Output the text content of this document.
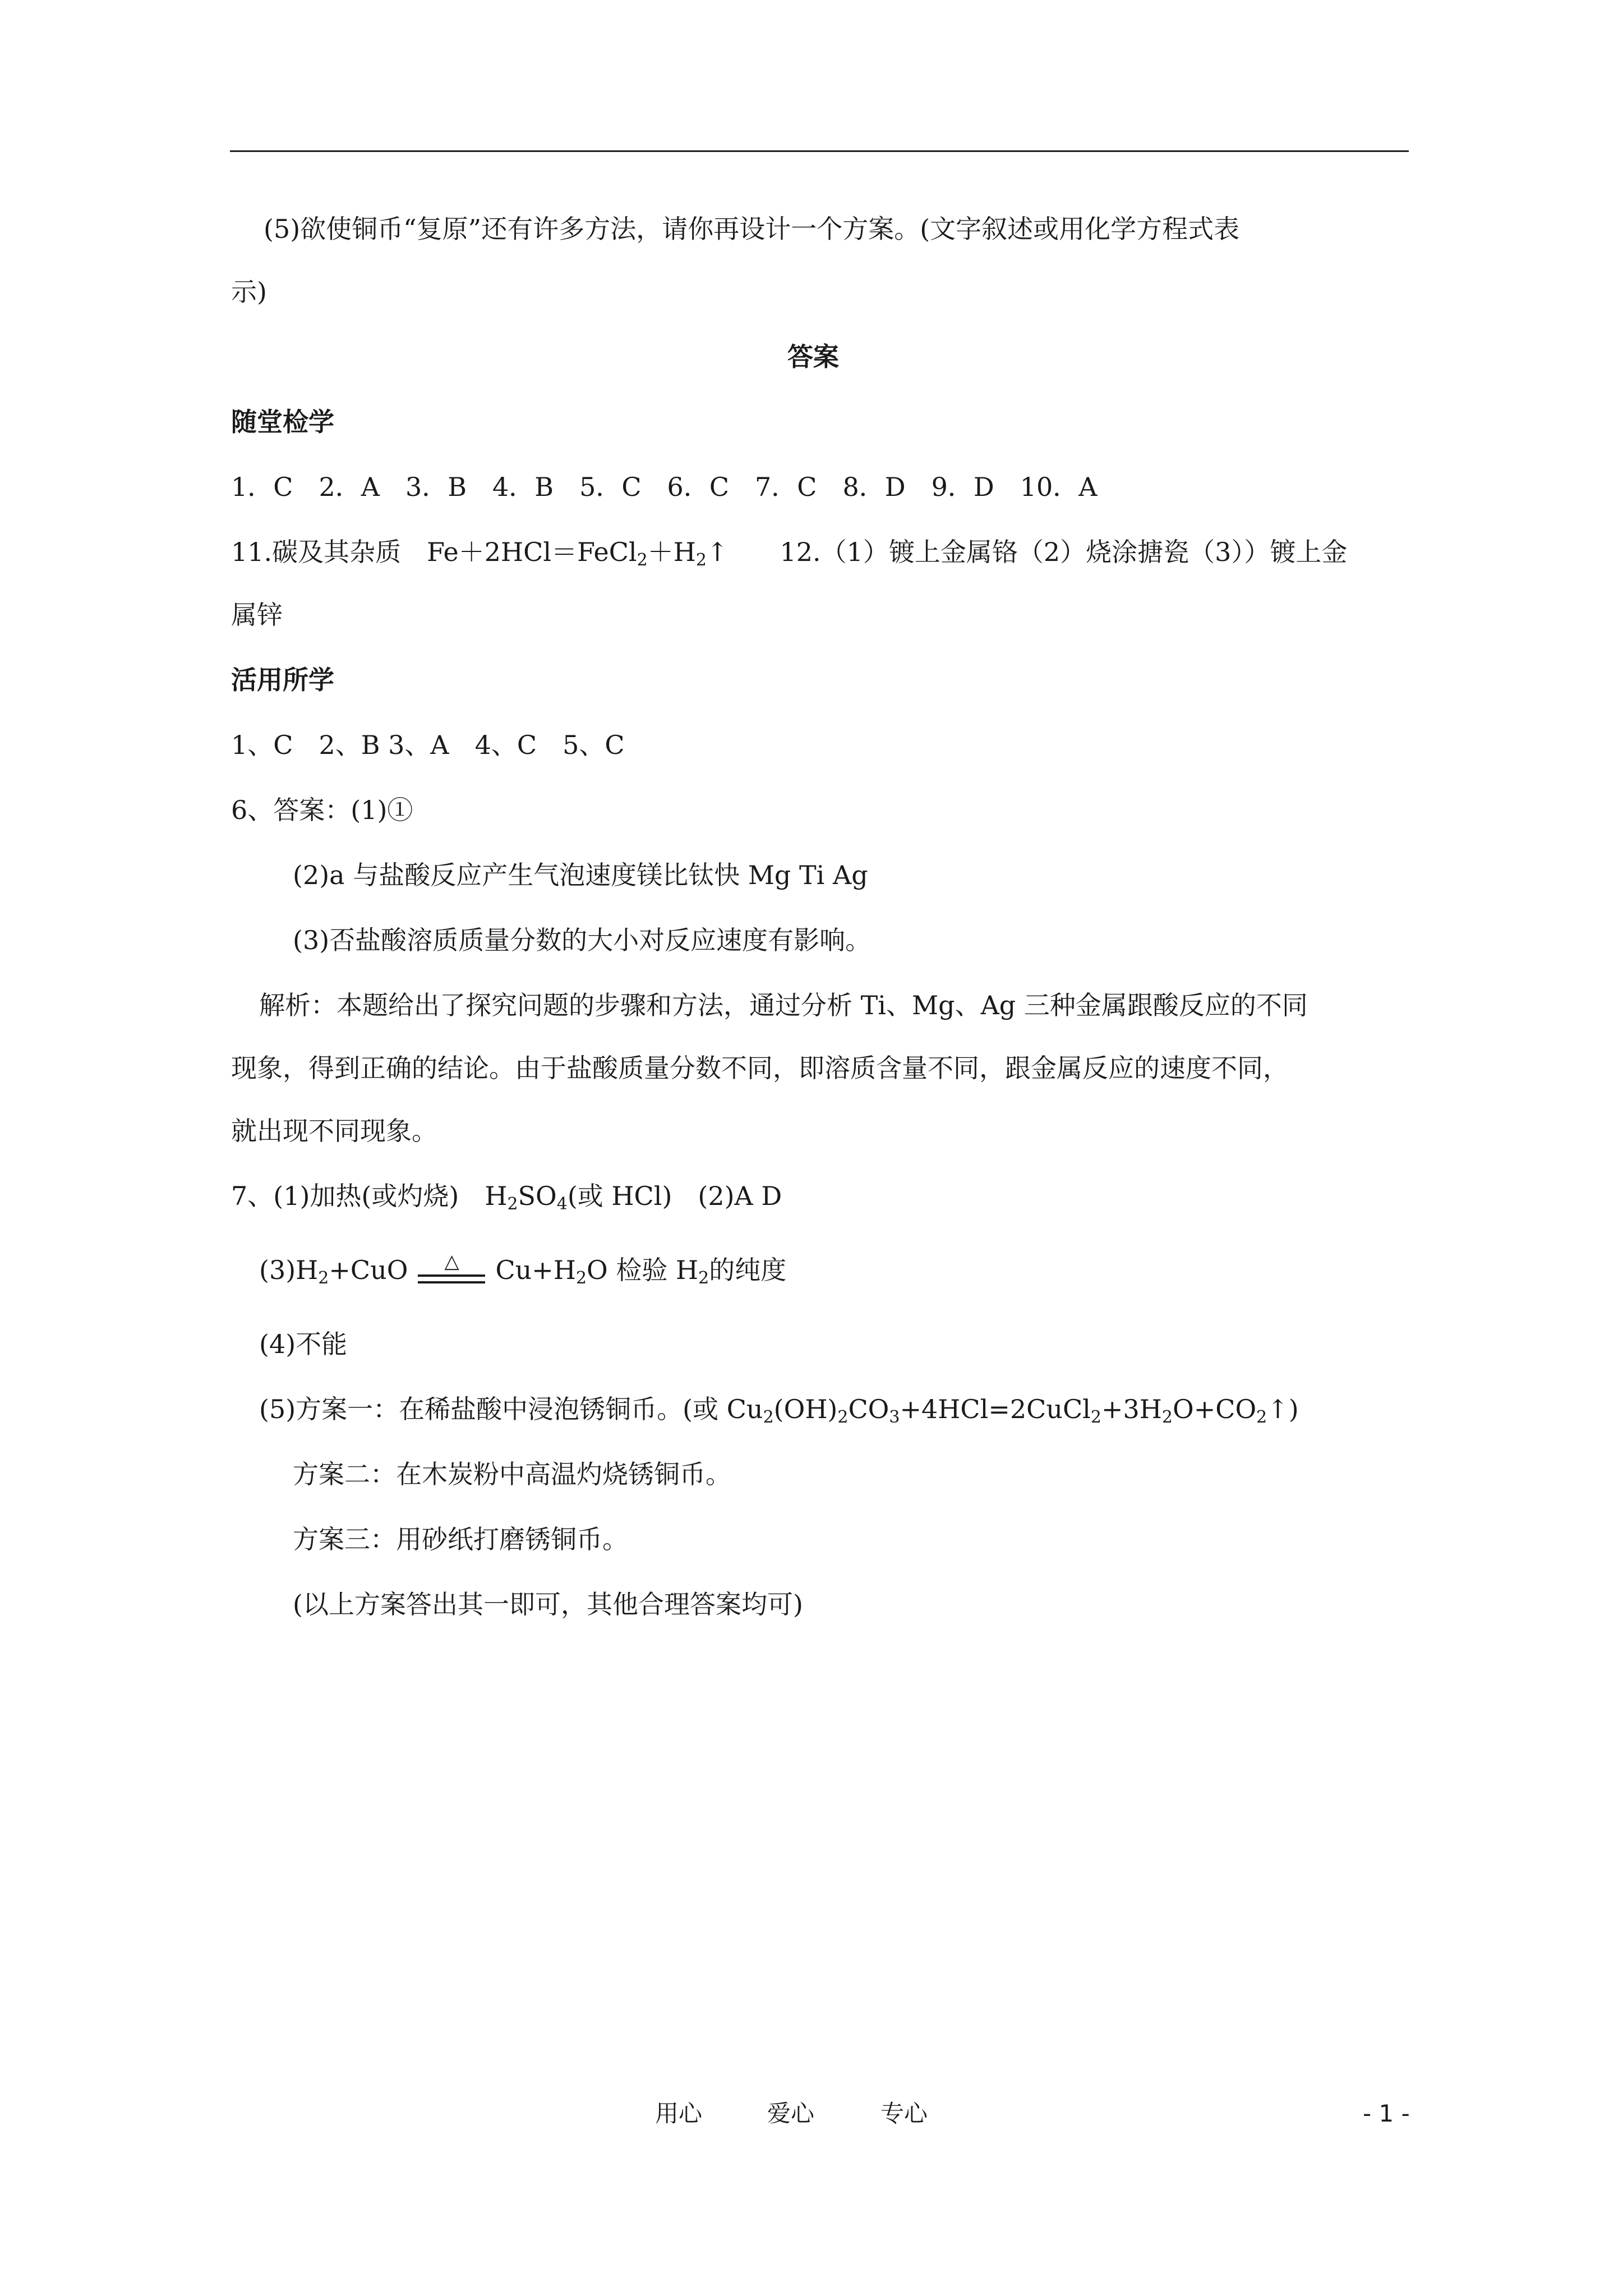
(5)欲使铜币“复原”还有许多方法，请你再设计一个方案。(文字叙述或用化学方程式表
示)
答案
随堂检学
1．C　2．A　3．B　4．B　5．C　6．C　7．C　8．D　9．D　10．A
11.碳及其杂质　$Fe+2HCl=FeCl_2+H_2↑$　　12.（1）镀上金属铬（2）烧涂搪瓷（3））镀上金
属锌
活用所学
1、C　2、B 3、A　4、C　5、C
6、答案：(1)①
(2)a 与盐酸反应产生气泡速度镁比钛快 Mg Ti Ag
(3)否盐酸溶质质量分数的大小对反应速度有影响。
解析：本题给出了探究问题的步骤和方法，通过分析 Ti、Mg、Ag 三种金属跟酸反应的不同
现象，得到正确的结论。由于盐酸质量分数不同，即溶质含量不同，跟金属反应的速度不同，
就出现不同现象。
7、(1)加热(或灼烧)　$H_2SO_4$(或 HCl)　(2)A D
$(3)H_2+CuO$ △ $Cu+H_2O$ 检验 $H_2$的纯度
(4)不能
(5)方案一：在稀盐酸中浸泡锈铜币。(或 $Cu_2(OH)_2CO_3+4HCl=2CuCl_2+3H_2O+CO_2↑$)
方案二：在木炭粉中高温灼烧锈铜币。
方案三：用砂纸打磨锈铜币。
(以上方案答出其一即可，其他合理答案均可)
用心	爱心	专心	- 1 -
